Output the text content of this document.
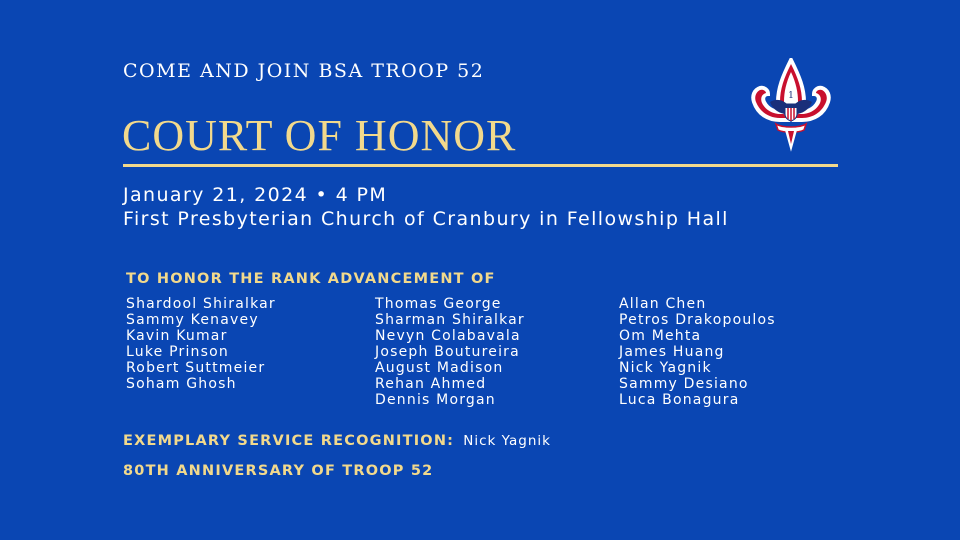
COME AND JOIN BSA TROOP 52
COURT OF HONOR
1
January 21, 2024 • 4 PM
First Presbyterian Church of Cranbury in Fellowship Hall
TO HONOR THE RANK ADVANCEMENT OF
Shardool Shiralkar
Sammy Kenavey
Kavin Kumar
Luke Prinson
Robert Suttmeier
Soham Ghosh
Thomas George
Sharman Shiralkar
Nevyn Colabavala
Joseph Boutureira
August Madison
Rehan Ahmed
Dennis Morgan
Allan Chen
Petros Drakopoulos
Om Mehta
James Huang
Nick Yagnik
Sammy Desiano
Luca Bonagura
EXEMPLARY SERVICE RECOGNITION: Nick Yagnik
80TH ANNIVERSARY OF TROOP 52
